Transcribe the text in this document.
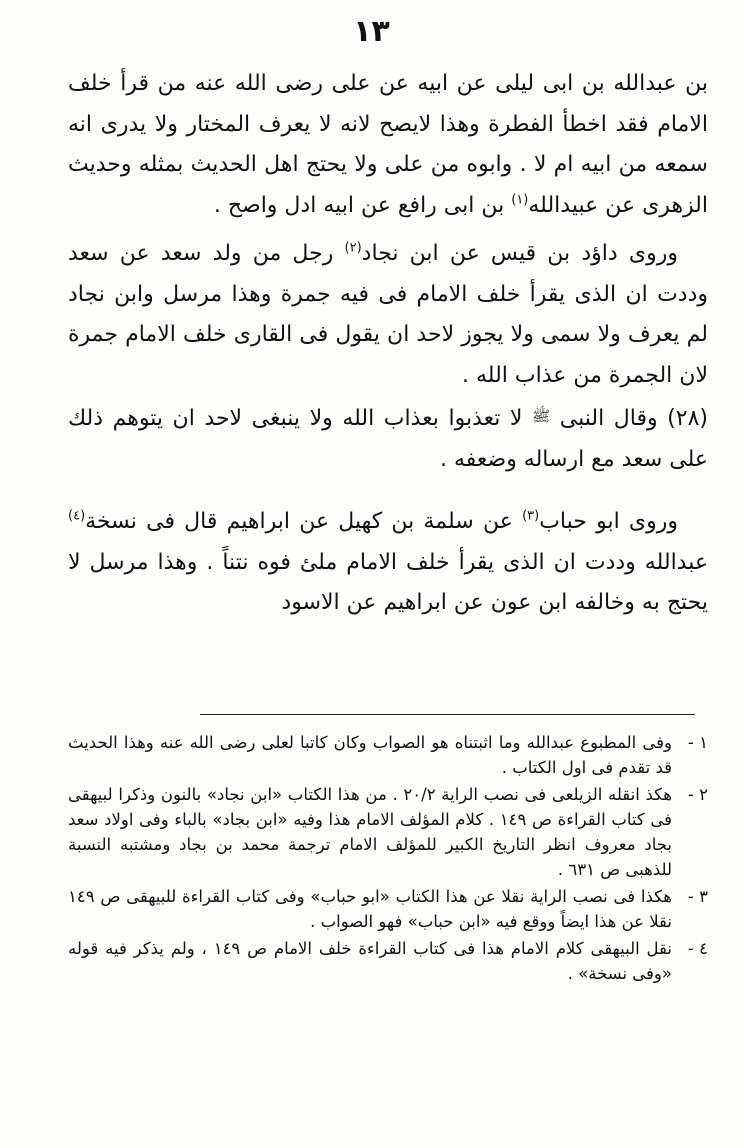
١٣

بن عبدالله بن ابى ليلى عن ابيه عن على رضى الله عنه من قرأ خلف الامام فقد اخطأ الفطرة وهذا لايصح لانه لا يعرف المختار ولا يدرى انه سمعه من ابيه ام لا . وابوه من على ولا يحتج اهل الحديث بمثله وحديث الزهرى عن عبيدالله$^{(١)}$ بن ابى رافع عن ابيه ادل واصح .

وروى داؤد بن قيس عن ابن نجاد$^{(٢)}$ رجل من ولد سعد عن سعد وددت ان الذى يقرأ خلف الامام فى فيه جمرة وهذا مرسل وابن نجاد لم يعرف ولا سمى ولا يجوز لاحد ان يقول فى القارى خلف الامام جمرة لان الجمرة من عذاب الله .

(٢٨) وقال النبى ﷺ لا تعذبوا بعذاب الله ولا ينبغى لاحد ان يتوهم ذلك على سعد مع ارساله وضعفه .

وروى ابو حباب$^{(٣)}$ عن سلمة بن كهيل عن ابراهيم قال فى نسخة$^{(٤)}$ عبدالله وددت ان الذى يقرأ خلف الامام ملئ فوه نتناً . وهذا مرسل لا يحتج به وخالفه ابن عون عن ابراهيم عن الاسود

١ -
وفى المطبوع عبدالله وما اثبتناه هو الصواب وكان كاتبا لعلى رضى الله عنه وهذا الحديث قد تقدم فى اول الكتاب .
٢ -
هكذ انقله الزيلعى فى نصب الراية ٢٠/٢ . من هذا الكتاب «ابن نجاد» بالنون وذكرا لبيهقى فى كتاب القراءة ص ١٤٩ . كلام المؤلف الامام هذا وفيه «ابن بجاد» بالباء وفى اولاد سعد بجاد معروف انظر التاريخ الكبير للمؤلف الامام ترجمة محمد بن بجاد ومشتبه النسبة للذهبى ص ٦٣١ .
٣ -
هكذا فى نصب الراية نقلا عن هذا الكتاب «ابو حباب» وفى كتاب القراءة للبيهقى ص ١٤٩ نقلا عن هذا ايضاً ووقع فيه «ابن حباب» فهو الصواب .
٤ -
نقل البيهقى كلام الامام هذا فى كتاب القراءة خلف الامام ص ١٤٩ ، ولم يذكر فيه قوله «وفى نسخة» .
